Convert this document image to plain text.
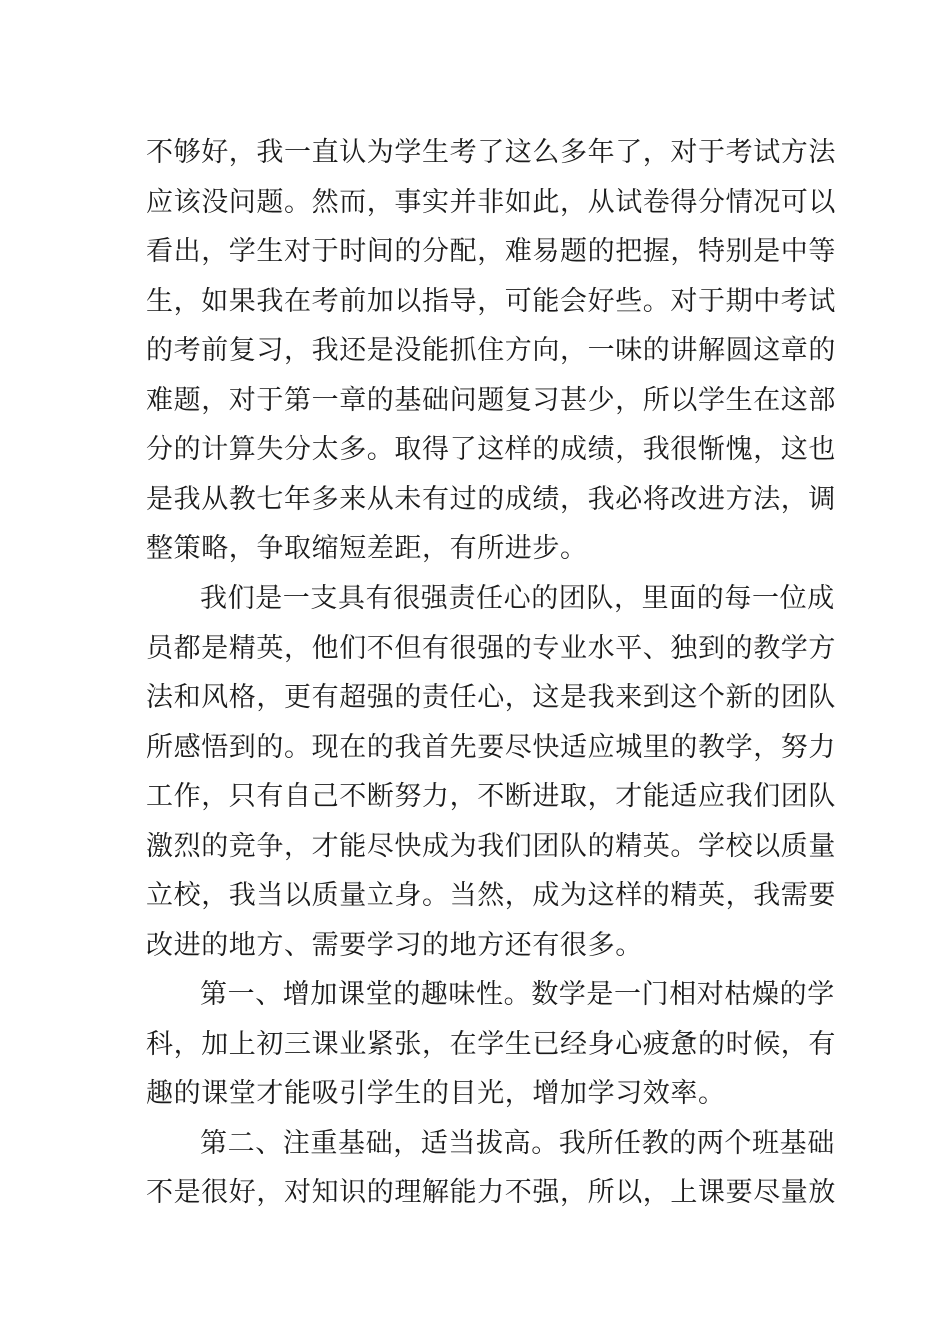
不够好，我一直认为学生考了这么多年了，对于考试方法
应该没问题。然而，事实并非如此，从试卷得分情况可以
看出，学生对于时间的分配，难易题的把握，特别是中等
生，如果我在考前加以指导，可能会好些。对于期中考试
的考前复习，我还是没能抓住方向，一味的讲解圆这章的
难题，对于第一章的基础问题复习甚少，所以学生在这部
分的计算失分太多。取得了这样的成绩，我很惭愧，这也
是我从教七年多来从未有过的成绩，我必将改进方法，调
整策略，争取缩短差距，有所进步。
我们是一支具有很强责任心的团队，里面的每一位成
员都是精英，他们不但有很强的专业水平、独到的教学方
法和风格，更有超强的责任心，这是我来到这个新的团队
所感悟到的。现在的我首先要尽快适应城里的教学，努力
工作，只有自己不断努力，不断进取，才能适应我们团队
激烈的竞争，才能尽快成为我们团队的精英。学校以质量
立校，我当以质量立身。当然，成为这样的精英，我需要
改进的地方、需要学习的地方还有很多。
第一、增加课堂的趣味性。数学是一门相对枯燥的学
科，加上初三课业紧张，在学生已经身心疲惫的时候，有
趣的课堂才能吸引学生的目光，增加学习效率。
第二、注重基础，适当拔高。我所任教的两个班基础
不是很好，对知识的理解能力不强，所以，上课要尽量放
